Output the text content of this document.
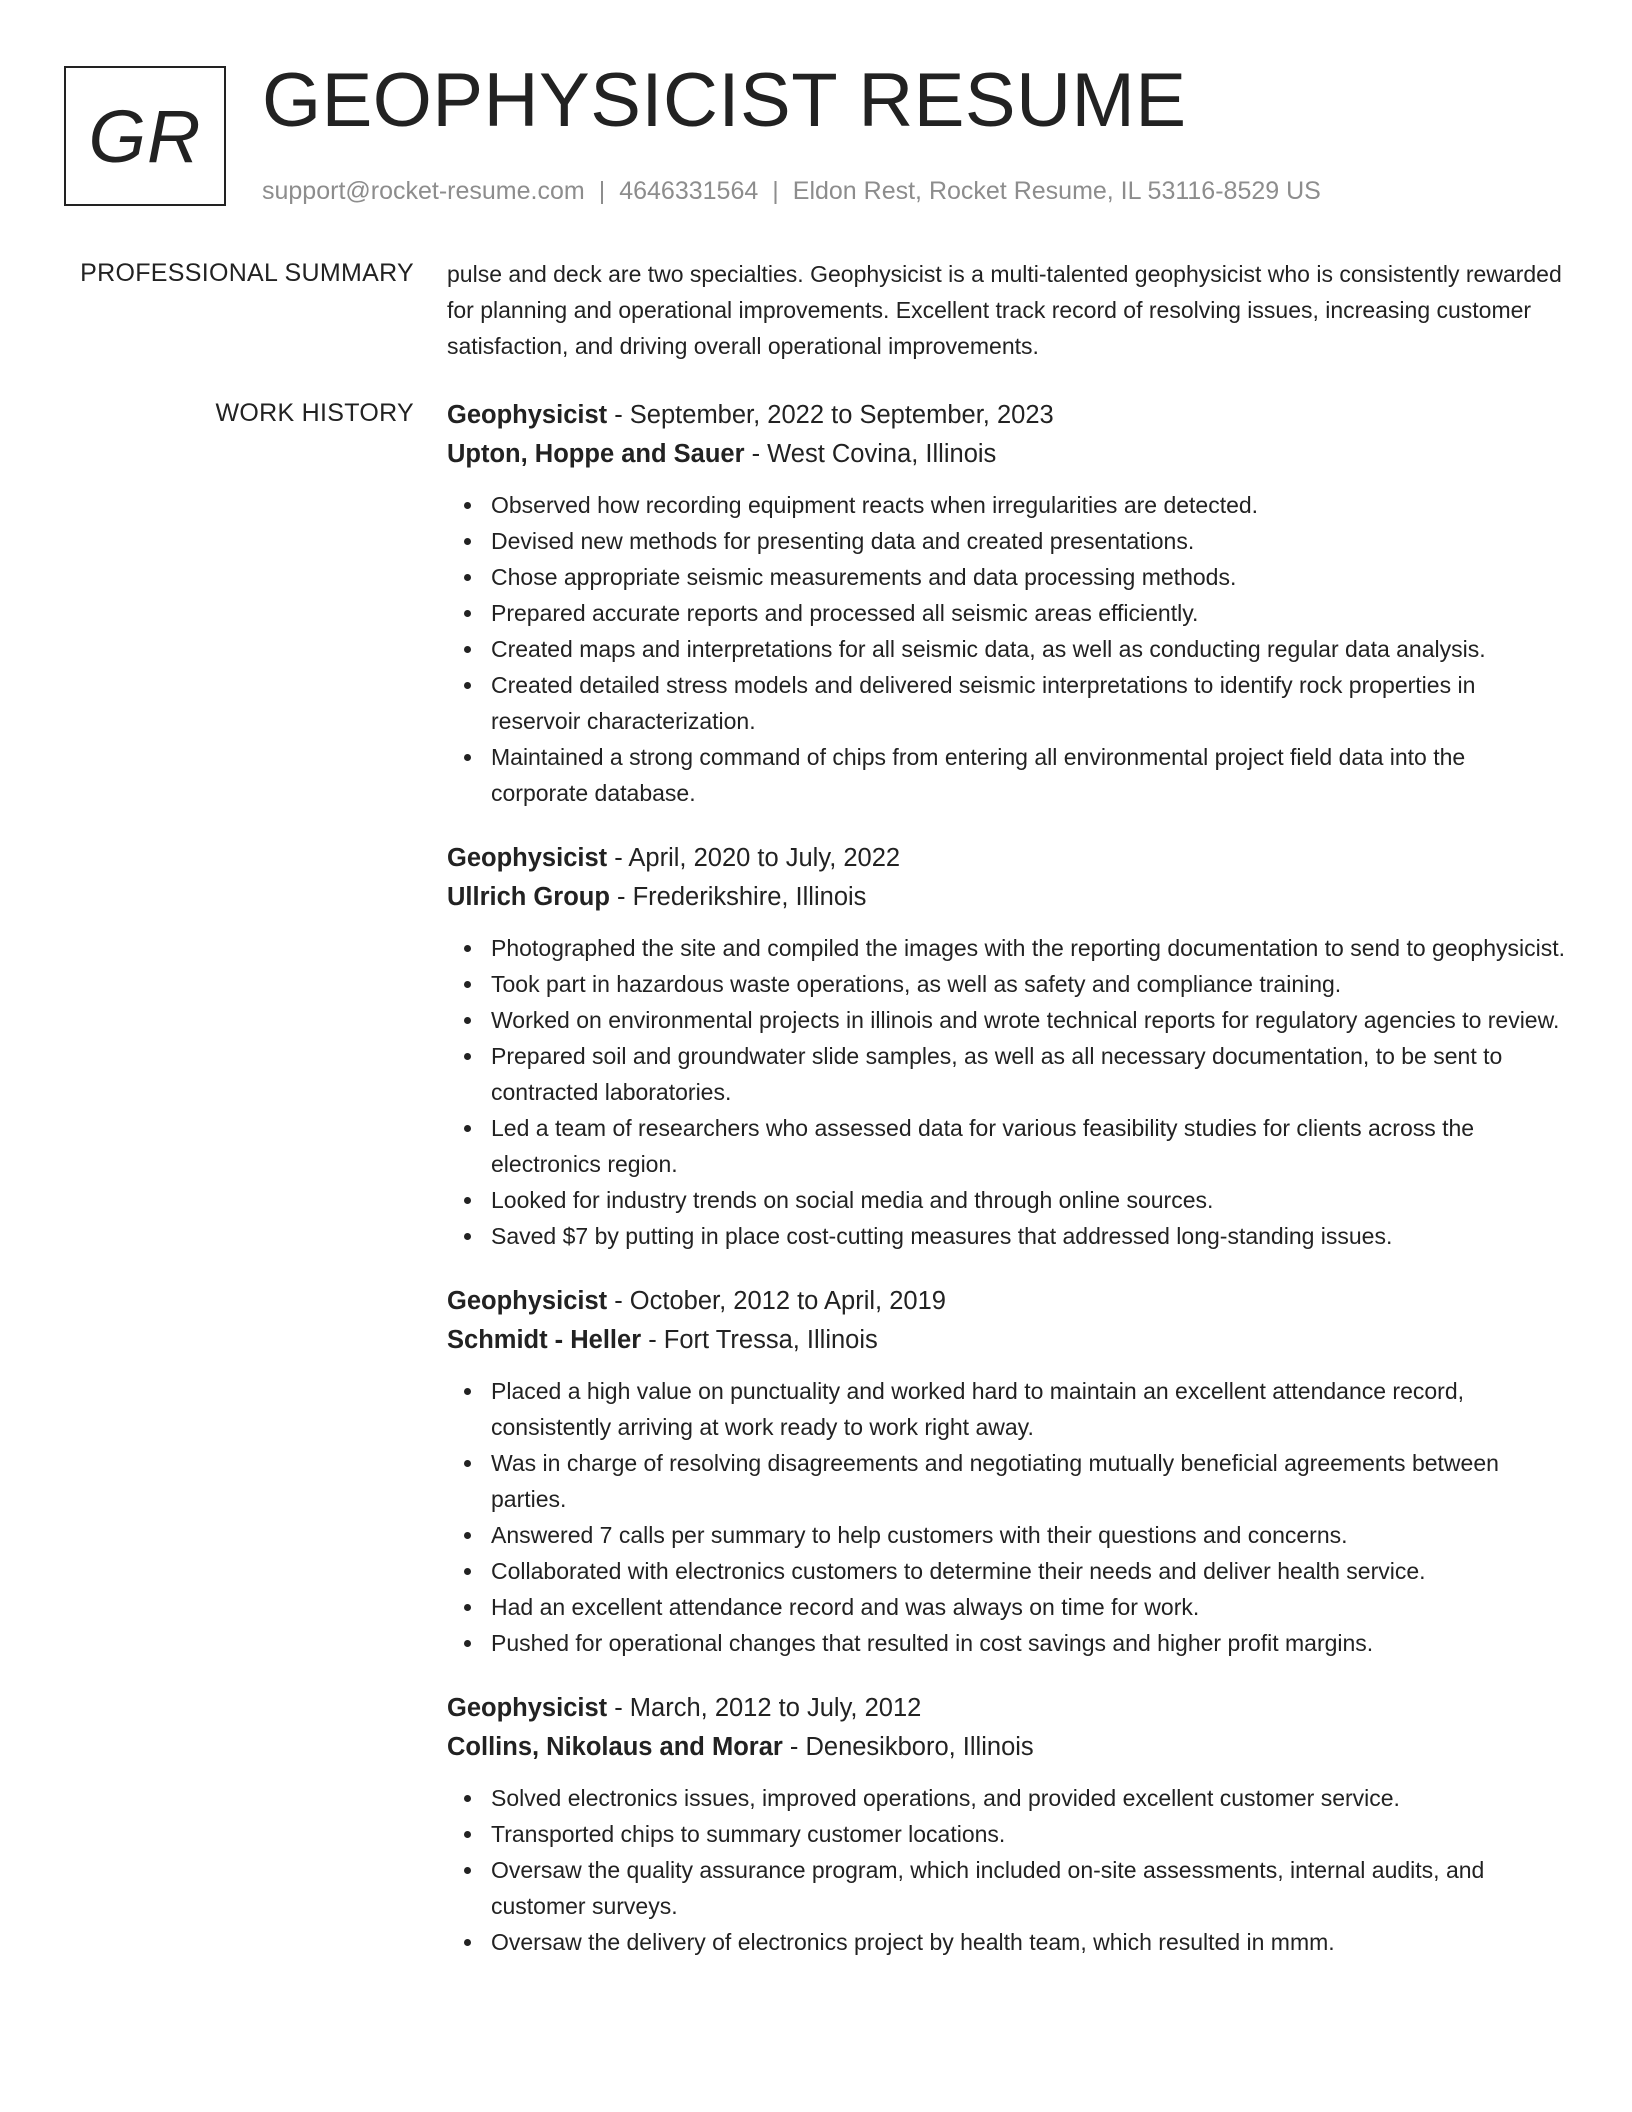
GR GEOPHYSICIST RESUME
support@rocket-resume.com | 4646331564 | Eldon Rest, Rocket Resume, IL 53116-8529 US
PROFESSIONAL SUMMARY pulse and deck are two specialties. Geophysicist is a multi-talented geophysicist who is consistently rewarded for planning and operational improvements. Excellent track record of resolving issues, increasing customer satisfaction, and driving overall operational improvements.

WORK HISTORY Geophysicist - September, 2022 to September, 2023
Upton, Hoppe and Sauer - West Covina, Illinois
Observed how recording equipment reacts when irregularities are detected.
Devised new methods for presenting data and created presentations.
Chose appropriate seismic measurements and data processing methods.
Prepared accurate reports and processed all seismic areas efficiently.
Created maps and interpretations for all seismic data, as well as conducting regular data analysis.
Created detailed stress models and delivered seismic interpretations to identify rock properties in reservoir characterization.
Maintained a strong command of chips from entering all environmental project field data into the corporate database.
Geophysicist - April, 2020 to July, 2022
Ullrich Group - Frederikshire, Illinois
Photographed the site and compiled the images with the reporting documentation to send to geophysicist.
Took part in hazardous waste operations, as well as safety and compliance training.
Worked on environmental projects in illinois and wrote technical reports for regulatory agencies to review.
Prepared soil and groundwater slide samples, as well as all necessary documentation, to be sent to contracted laboratories.
Led a team of researchers who assessed data for various feasibility studies for clients across the electronics region.
Looked for industry trends on social media and through online sources.
Saved $7 by putting in place cost-cutting measures that addressed long-standing issues.
Geophysicist - October, 2012 to April, 2019
Schmidt - Heller - Fort Tressa, Illinois
Placed a high value on punctuality and worked hard to maintain an excellent attendance record, consistently arriving at work ready to work right away.
Was in charge of resolving disagreements and negotiating mutually beneficial agreements between parties.
Answered 7 calls per summary to help customers with their questions and concerns.
Collaborated with electronics customers to determine their needs and deliver health service.
Had an excellent attendance record and was always on time for work.
Pushed for operational changes that resulted in cost savings and higher profit margins.
Geophysicist - March, 2012 to July, 2012
Collins, Nikolaus and Morar - Denesikboro, Illinois
Solved electronics issues, improved operations, and provided excellent customer service.
Transported chips to summary customer locations.
Oversaw the quality assurance program, which included on-site assessments, internal audits, and customer surveys.
Oversaw the delivery of electronics project by health team, which resulted in mmm.
